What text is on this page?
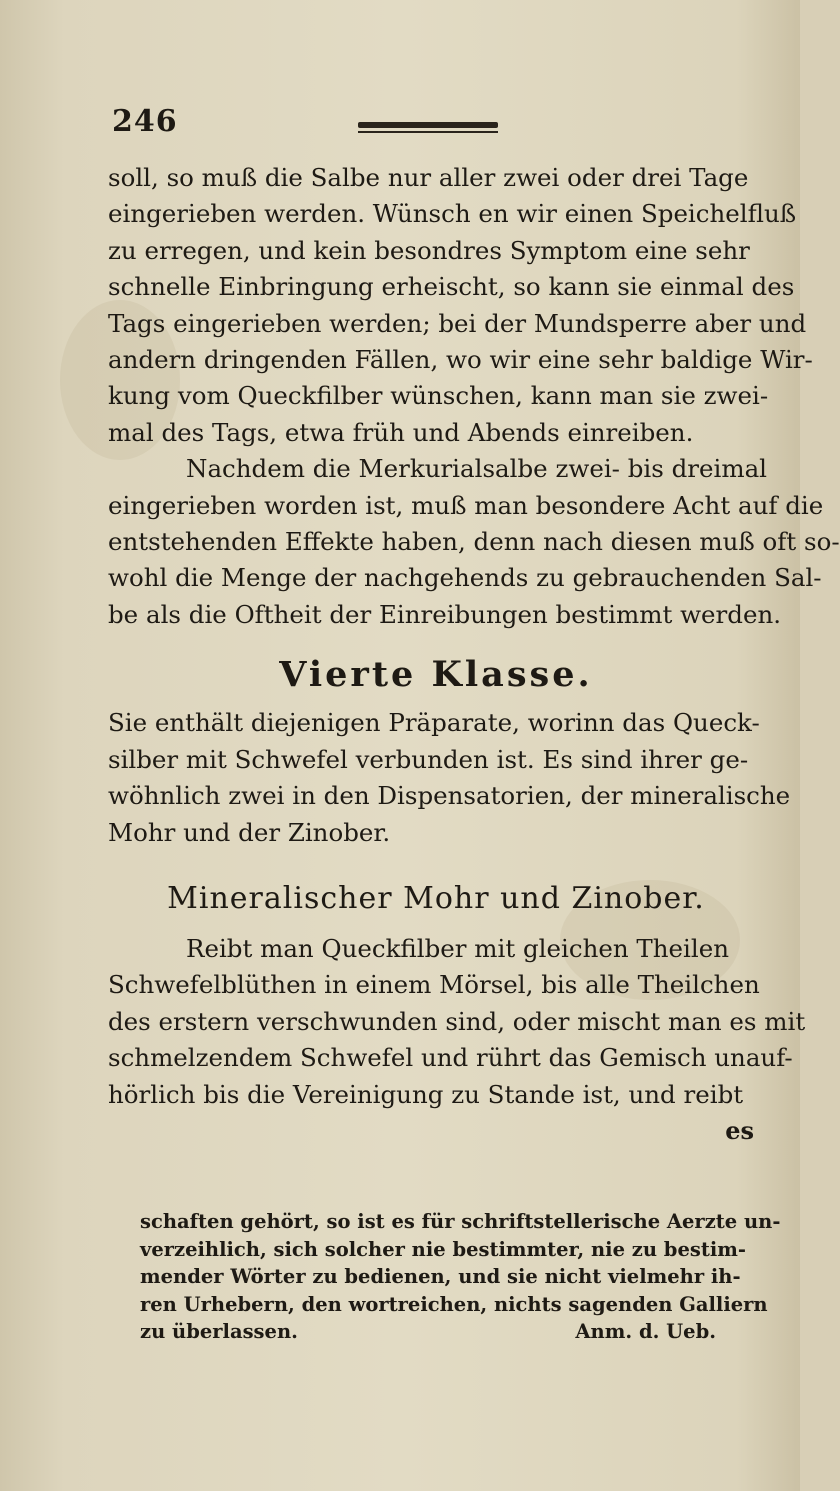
246

soll, so muß die Salbe nur aller zwei oder drei Tage
eingerieben werden. Wünsch en wir einen Speichelfluß
zu erregen, und kein besondres Symptom eine sehr
schnelle Einbringung erheischt, so kann sie einmal des
Tags eingerieben werden; bei der Mundsperre aber und
andern dringenden Fällen, wo wir eine sehr baldige Wir-
kung vom Queckfilber wünschen, kann man sie zwei-
mal des Tags, etwa früh und Abends einreiben.

Nachdem die Merkurialsalbe zwei- bis dreimal
eingerieben worden ist, muß man besondere Acht auf die
entstehenden Effekte haben, denn nach diesen muß oft so-
wohl die Menge der nachgehends zu gebrauchenden Sal-
be als die Oftheit der Einreibungen bestimmt werden.

Vierte Klasse.

Sie enthält diejenigen Präparate, worinn das Queck-
silber mit Schwefel verbunden ist. Es sind ihrer ge-
wöhnlich zwei in den Dispensatorien, der mineralische
Mohr und der Zinober.

Mineralischer Mohr und Zinober.

Reibt man Queckfilber mit gleichen Theilen
Schwefelblüthen in einem Mörsel, bis alle Theilchen
des erstern verschwunden sind, oder mischt man es mit
schmelzendem Schwefel und rührt das Gemisch unauf-
hörlich bis die Vereinigung zu Stande ist, und reibt

es
schaften gehört, so ist es für schriftstellerische Aerzte un-
verzeihlich, sich solcher nie bestimmter, nie zu bestim-
mender Wörter zu bedienen, und sie nicht vielmehr ih-
ren Urhebern, den wortreichen, nichts sagenden Galliern
zu überlassen.	Anm. d. Ueb.
